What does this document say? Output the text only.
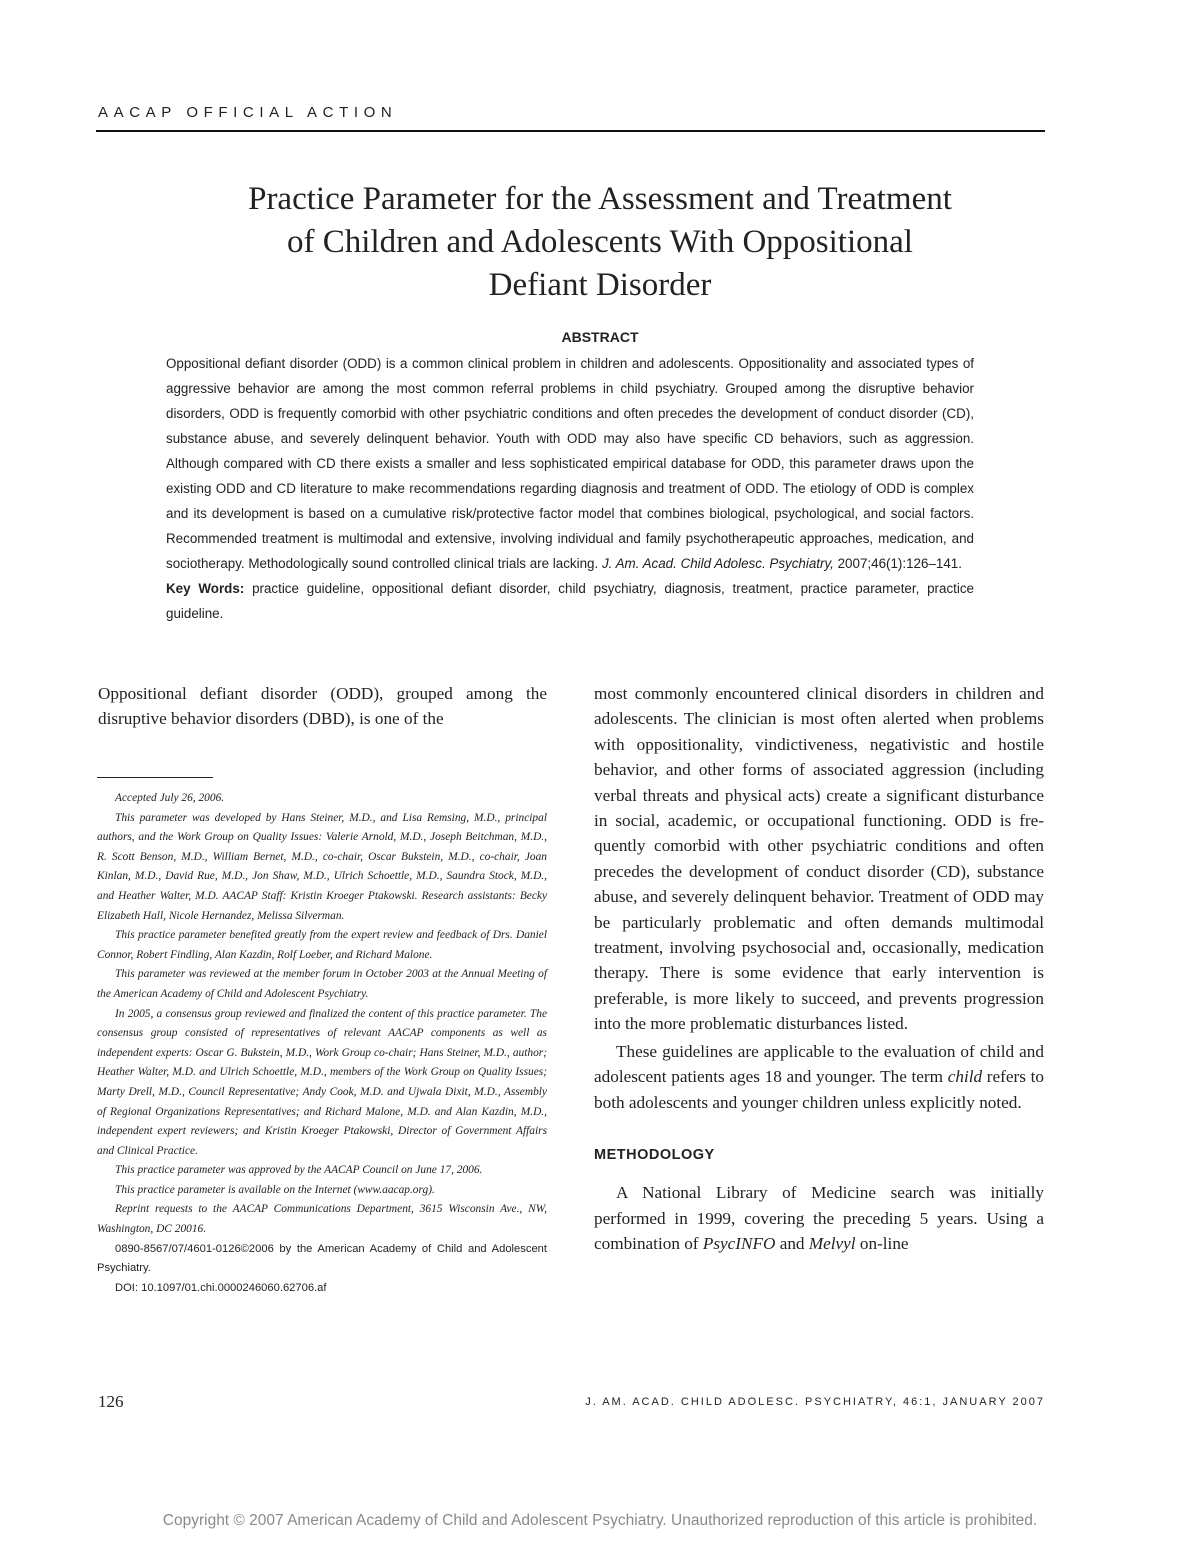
AACAP OFFICIAL ACTION
Practice Parameter for the Assessment and Treatment
of Children and Adolescents With Oppositional
Defiant Disorder
ABSTRACT

Oppositional defiant disorder (ODD) is a common clinical problem in children and adolescents. Oppositionality and associated types of aggressive behavior are among the most common referral problems in child psychiatry. Grouped among the disruptive behavior disorders, ODD is frequently comorbid with other psychiatric conditions and often precedes the development of conduct disorder (CD), substance abuse, and severely delinquent behavior. Youth with ODD may also have specific CD behaviors, such as aggression. Although compared with CD there exists a smaller and less sophisticated empirical database for ODD, this parameter draws upon the existing ODD and CD literature to make recommendations regarding diagnosis and treatment of ODD. The etiology of ODD is complex and its development is based on a cumulative risk/protective factor model that combines biological, psychological, and social factors. Recommended treatment is multimodal and extensive, involving individual and family psychotherapeutic approaches, medication, and sociotherapy. Methodologically sound controlled clinical trials are lacking. J. Am. Acad. Child Adolesc. Psychiatry, 2007;46(1):126–141.

Key Words: practice guideline, oppositional defiant disorder, child psychiatry, diagnosis, treatment, practice parameter, practice guideline.

Oppositional defiant disorder (ODD), grouped among the disruptive behavior disorders (DBD), is one of the

Accepted July 26, 2006.

This parameter was developed by Hans Steiner, M.D., and Lisa Remsing, M.D., principal authors, and the Work Group on Quality Issues: Valerie Arnold, M.D., Joseph Beitchman, M.D., R. Scott Benson, M.D., William Bernet, M.D., co-chair, Oscar Bukstein, M.D., co-chair, Joan Kinlan, M.D., David Rue, M.D., Jon Shaw, M.D., Ulrich Schoettle, M.D., Saundra Stock, M.D., and Heather Walter, M.D. AACAP Staff: Kristin Kroeger Ptakowski. Research assistants: Becky Elizabeth Hall, Nicole Hernandez, Melissa Silverman.

This practice parameter benefited greatly from the expert review and feedback of Drs. Daniel Connor, Robert Findling, Alan Kazdin, Rolf Loeber, and Richard Malone.

This parameter was reviewed at the member forum in October 2003 at the Annual Meeting of the American Academy of Child and Adolescent Psychiatry.

In 2005, a consensus group reviewed and finalized the content of this practice parameter. The consensus group consisted of representatives of relevant AACAP components as well as independent experts: Oscar G. Bukstein, M.D., Work Group co-chair; Hans Steiner, M.D., author; Heather Walter, M.D. and Ulrich Schoettle, M.D., members of the Work Group on Quality Issues; Marty Drell, M.D., Council Representative; Andy Cook, M.D. and Ujwala Dixit, M.D., Assembly of Regional Organizations Representatives; and Richard Malone, M.D. and Alan Kazdin, M.D., independent expert reviewers; and Kristin Kroeger Ptakowski, Director of Government Affairs and Clinical Practice.

This practice parameter was approved by the AACAP Council on June 17, 2006.

This practice parameter is available on the Internet (www.aacap.org).

Reprint requests to the AACAP Communications Department, 3615 Wisconsin Ave., NW, Washington, DC 20016.

0890-8567/07/4601-0126©2006 by the American Academy of Child and Adolescent Psychiatry.

DOI: 10.1097/01.chi.0000246060.62706.af

most commonly encountered clinical disorders in children and adolescents. The clinician is most often alerted when problems with oppositionality, vindictiveness, negativistic and hostile behavior, and other forms of associated aggression (including verbal threats and physical acts) create a significant disturbance in social, academic, or occupational functioning. ODD is frequently comorbid with other psychiatric conditions and often precedes the development of conduct disorder (CD), substance abuse, and severely delinquent behavior. Treatment of ODD may be particularly problematic and often demands multimodal treatment, involving psychosocial and, occasionally, medication therapy. There is some evidence that early intervention is preferable, is more likely to succeed, and prevents progression into the more problematic disturbances listed.

These guidelines are applicable to the evaluation of child and adolescent patients ages 18 and younger. The term child refers to both adolescents and younger children unless explicitly noted.

METHODOLOGY

A National Library of Medicine search was initially performed in 1999, covering the preceding 5 years. Using a combination of PsycINFO and Melvyl on-line

126	J. AM. ACAD. CHILD ADOLESC. PSYCHIATRY, 46:1, JANUARY 2007
Copyright © 2007 American Academy of Child and Adolescent Psychiatry. Unauthorized reproduction of this article is prohibited.
